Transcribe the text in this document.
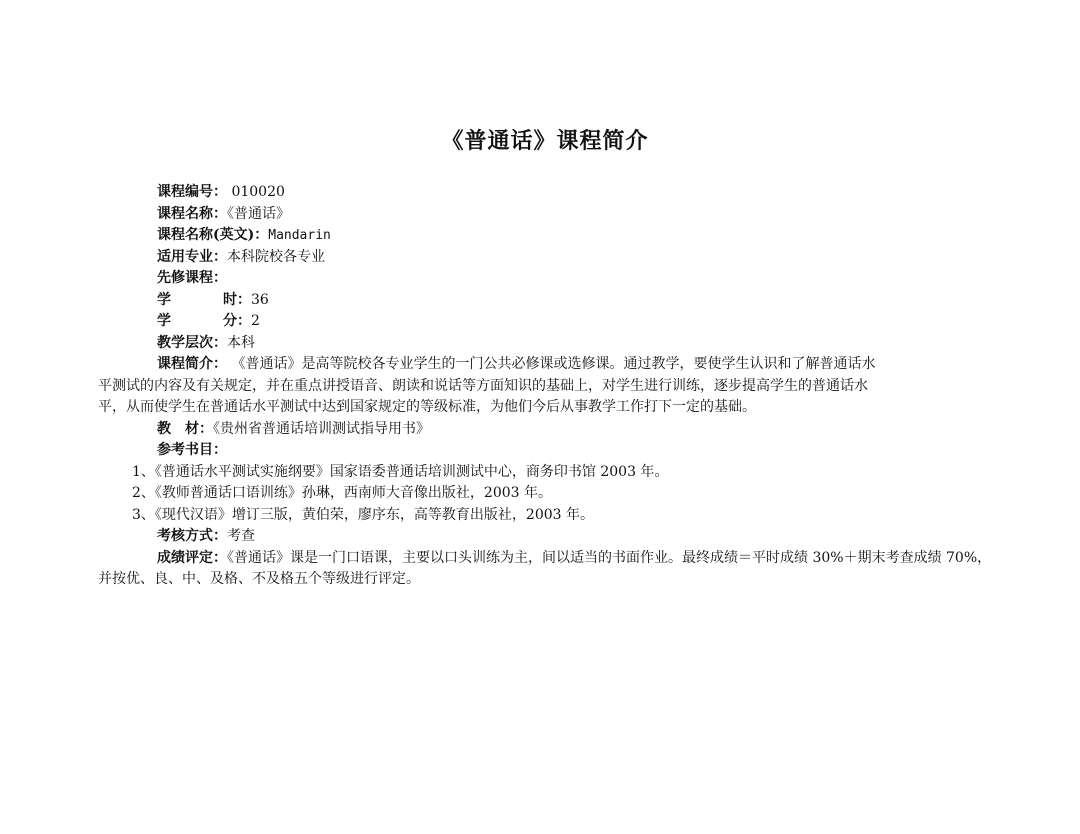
《普通话》课程简介
课程编号： 010020
课程名称：《普通话》
课程名称(英文)：Mandarin
适用专业：本科院校各专业
先修课程：
学	时：36
学	分：2
教学层次：本科
课程简介： 《普通话》是高等院校各专业学生的一门公共必修课或选修课。通过教学，要使学生认识和了解普通话水平测试的内容及有关规定，并在重点讲授语音、朗读和说话等方面知识的基础上，对学生进行训练，逐步提高学生的普通话水平，从而使学生在普通话水平测试中达到国家规定的等级标准，为他们今后从事教学工作打下一定的基础。
教　材：《贵州省普通话培训测试指导用书》
参考书目：
1、《普通话水平测试实施纲要》国家语委普通话培训测试中心，商务印书馆 2003 年。
2、《教师普通话口语训练》孙琳，西南师大音像出版社，2003 年。
3、《现代汉语》增订三版，黄伯荣，廖序东，高等教育出版社，2003 年。
考核方式：考查
成绩评定：《普通话》课是一门口语课，主要以口头训练为主，间以适当的书面作业。最终成绩＝平时成绩 30%＋期末考查成绩 70%，并按优、良、中、及格、不及格五个等级进行评定。
